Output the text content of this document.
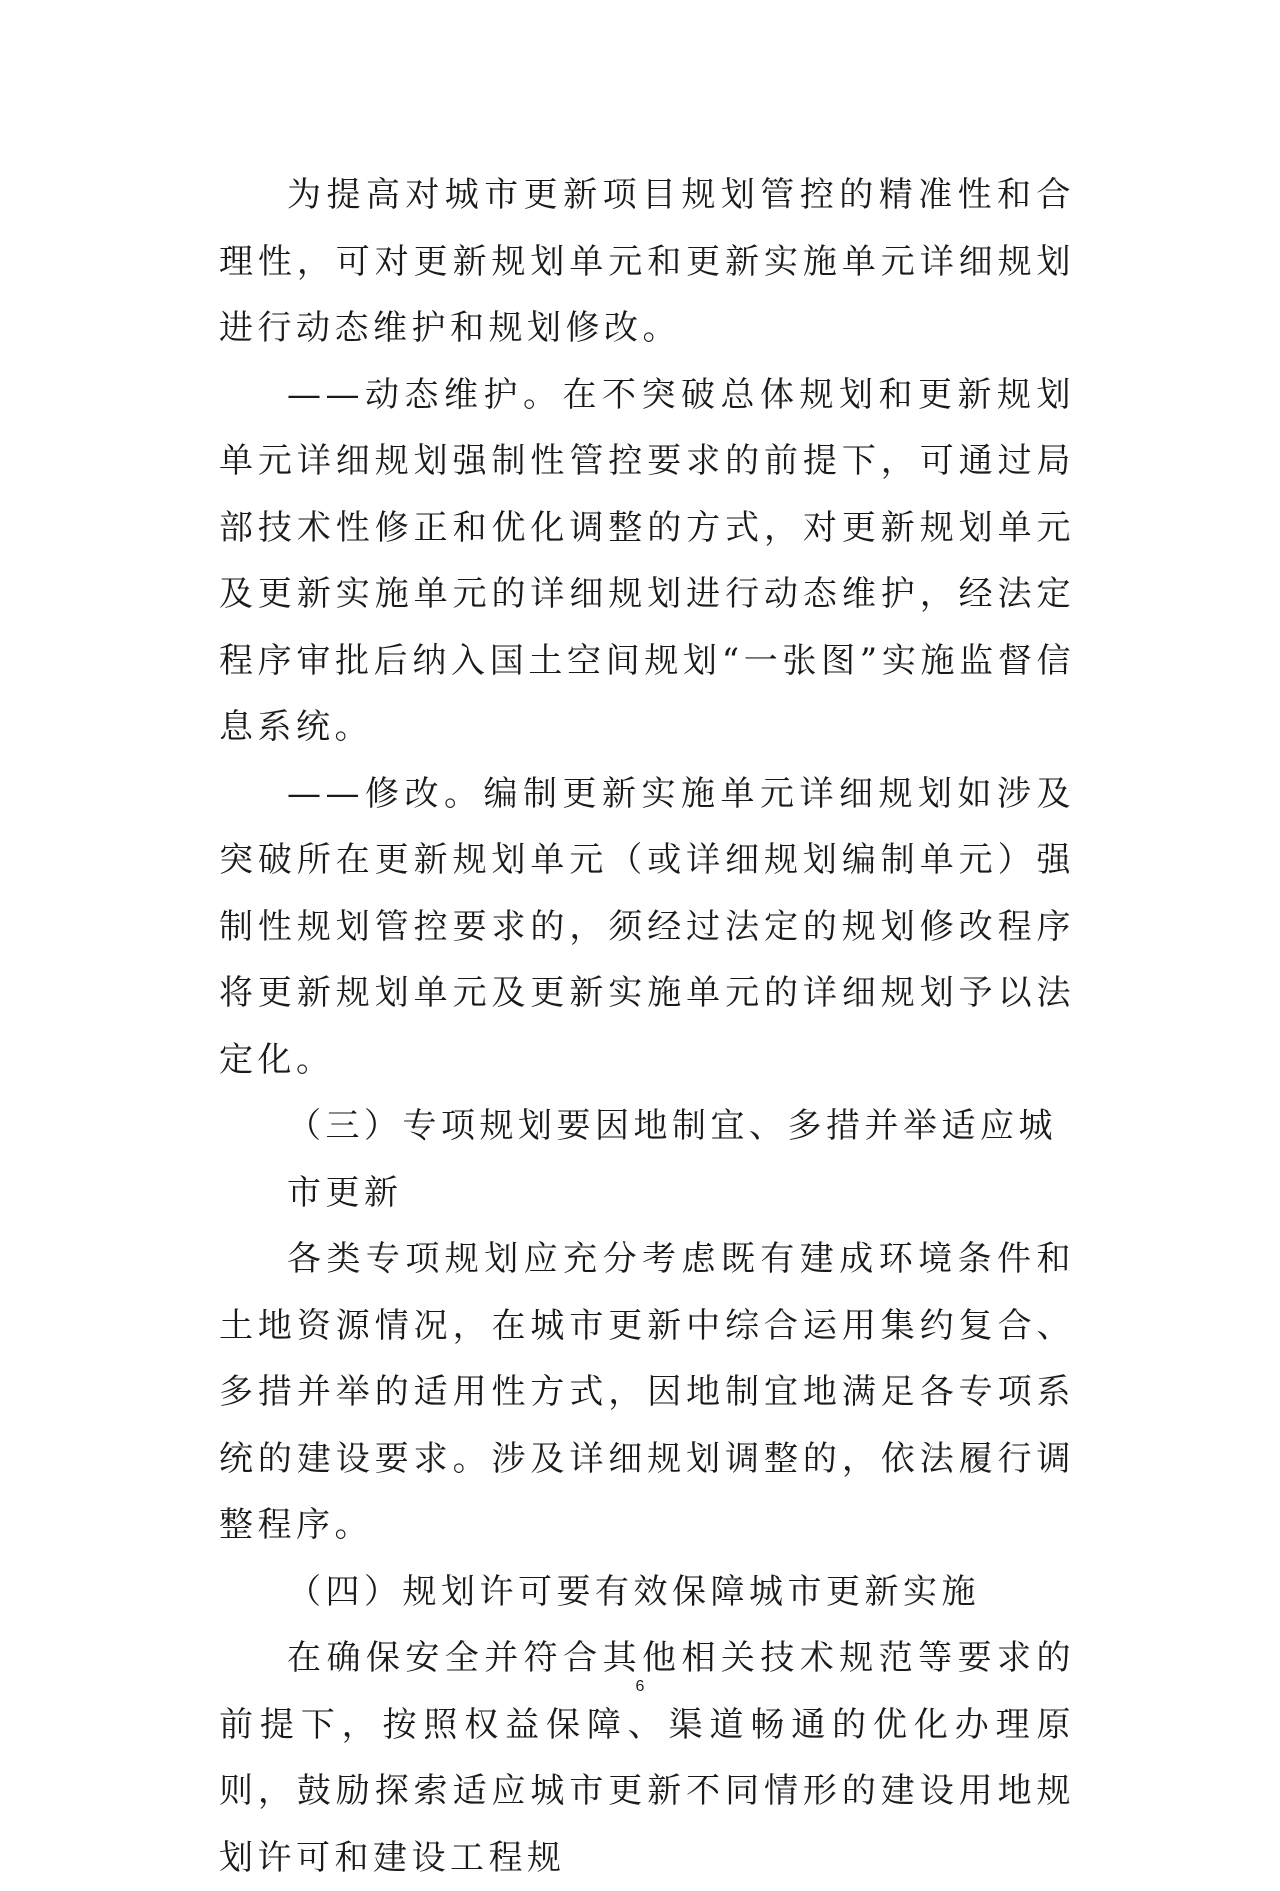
为提高对城市更新项目规划管控的精准性和合理性，可对更新规划单元和更新实施单元详细规划进行动态维护和规划修改。

——动态维护。在不突破总体规划和更新规划单元详细规划强制性管控要求的前提下，可通过局部技术性修正和优化调整的方式，对更新规划单元及更新实施单元的详细规划进行动态维护，经法定程序审批后纳入国土空间规划“一张图”实施监督信息系统。

——修改。编制更新实施单元详细规划如涉及突破所在更新规划单元（或详细规划编制单元）强制性规划管控要求的，须经过法定的规划修改程序将更新规划单元及更新实施单元的详细规划予以法定化。

（三）专项规划要因地制宜、多措并举适应城市更新

各类专项规划应充分考虑既有建成环境条件和土地资源情况，在城市更新中综合运用集约复合、多措并举的适用性方式，因地制宜地满足各专项系统的建设要求。涉及详细规划调整的，依法履行调整程序。

（四）规划许可要有效保障城市更新实施

在确保安全并符合其他相关技术规范等要求的前提下，按照权益保障、渠道畅通的优化办理原则，鼓励探索适应城市更新不同情形的建设用地规划许可和建设工程规

6
